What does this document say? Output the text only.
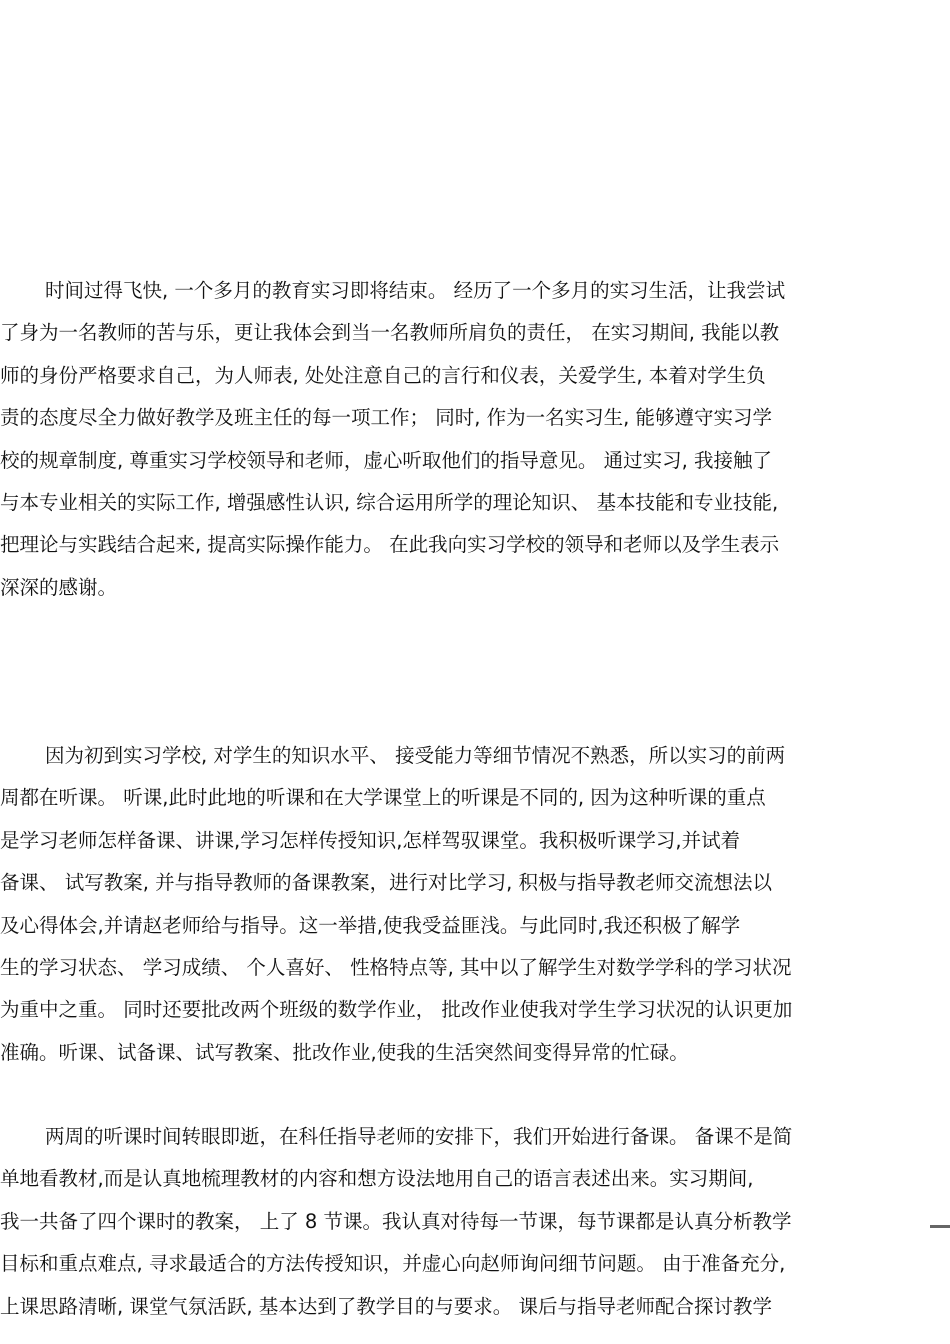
时间过得飞快, 一个多月的教育实习即将结束。 经历了一个多月的实习生活，让我尝试
了身为一名教师的苦与乐，更让我体会到当一名教师所肩负的责任， 在实习期间, 我能以教
师的身份严格要求自己，为人师表, 处处注意自己的言行和仪表，关爱学生, 本着对学生负
责的态度尽全力做好教学及班主任的每一项工作； 同时, 作为一名实习生, 能够遵守实习学
校的规章制度, 尊重实习学校领导和老师，虚心听取他们的指导意见。 通过实习, 我接触了
与本专业相关的实际工作, 增强感性认识, 综合运用所学的理论知识、 基本技能和专业技能,
把理论与实践结合起来, 提高实际操作能力。 在此我向实习学校的领导和老师以及学生表示
深深的感谢。
因为初到实习学校, 对学生的知识水平、 接受能力等细节情况不熟悉，所以实习的前两
周都在听课。 听课,此时此地的听课和在大学课堂上的听课是不同的, 因为这种听课的重点
是学习老师怎样备课、讲课,学习怎样传授知识,怎样驾驭课堂。我积极听课学习,并试着
备课、 试写教案, 并与指导教师的备课教案，进行对比学习, 积极与指导教老师交流想法以
及心得体会,并请赵老师给与指导。这一举措,使我受益匪浅。与此同时,我还积极了解学
生的学习状态、 学习成绩、 个人喜好、 性格特点等, 其中以了解学生对数学学科的学习状况
为重中之重。 同时还要批改两个班级的数学作业， 批改作业使我对学生学习状况的认识更加
准确。听课、试备课、试写教案、批改作业,使我的生活突然间变得异常的忙碌。
两周的听课时间转眼即逝，在科任指导老师的安排下，我们开始进行备课。 备课不是简
单地看教材,而是认真地梳理教材的内容和想方设法地用自己的语言表述出来。实习期间,
我一共备了四个课时的教案， 上了 8 节课。我认真对待每一节课，每节课都是认真分析教学
目标和重点难点, 寻求最适合的方法传授知识，并虚心向赵师询问细节问题。 由于准备充分,
上课思路清晰, 课堂气氛活跃, 基本达到了教学目的与要求。 课后与指导老师配合探讨教学
